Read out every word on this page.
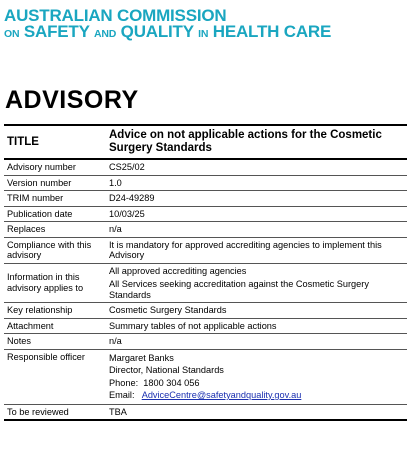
AUSTRALIAN COMMISSION
ON SAFETY AND QUALITY IN HEALTH CARE
ADVISORY
TITLE	Advice on not applicable actions for the Cosmetic Surgery Standards
Advisory number	CS25/02
Version number	1.0
TRIM number	D24-49289
Publication date	10/03/25
Replaces	n/a
Compliance with this advisory	It is mandatory for approved accrediting agencies to implement this Advisory
Information in this advisory applies to	All approved accrediting agencies
All Services seeking accreditation against the Cosmetic Surgery Standards

Key relationship	Cosmetic Surgery Standards
Attachment	Summary tables of not applicable actions
Notes	n/a
Responsible officer	Margaret Banks
Director, National Standards
Phone: 1800 304 056
Email: AdviceCentre@safetyandquality.gov.au

To be reviewed	TBA
